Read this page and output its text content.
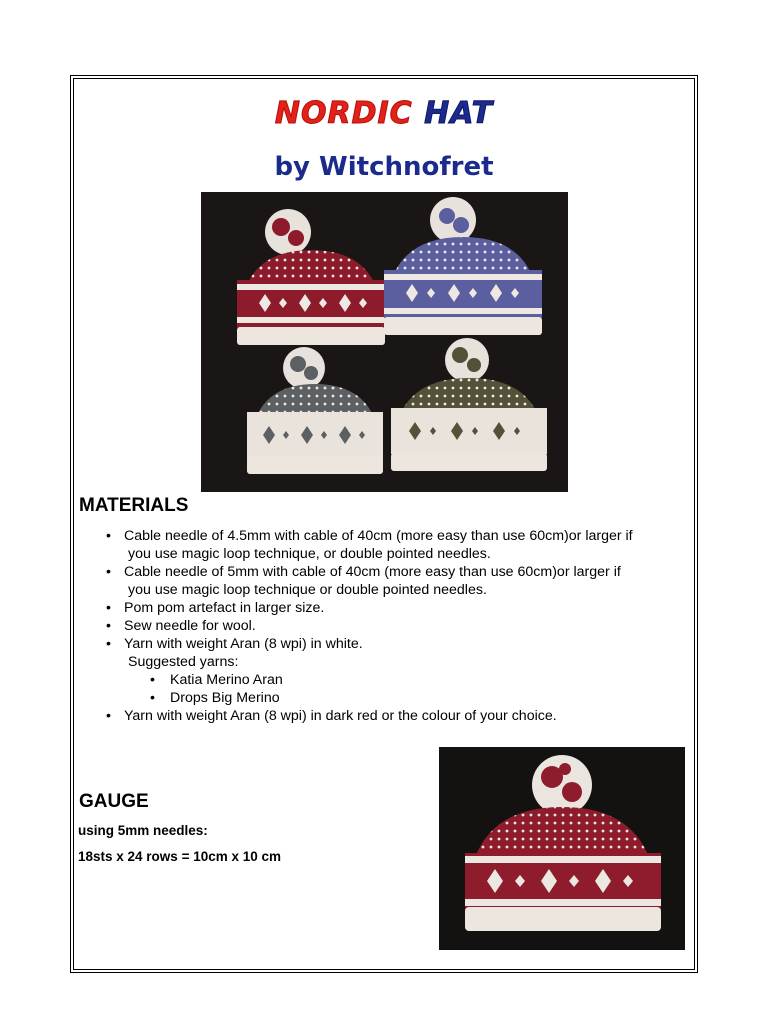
NORDIC HAT
by Witchnofret
MATERIALS
• Cable needle of 4.5mm with cable of 40cm (more easy than use 60cm)or larger if
you use magic loop technique, or double pointed needles.
• Cable needle of 5mm with cable of 40cm (more easy than use 60cm)or larger if
you use magic loop technique or double pointed needles.
• Pom pom artefact in larger size.
• Sew needle for wool.
• Yarn with weight Aran (8 wpi) in white.
Suggested yarns:
• Katia Merino Aran
• Drops Big Merino
• Yarn with weight Aran (8 wpi) in dark red or the colour of your choice.
GAUGE
using 5mm needles:
18sts x 24 rows = 10cm x 10 cm
